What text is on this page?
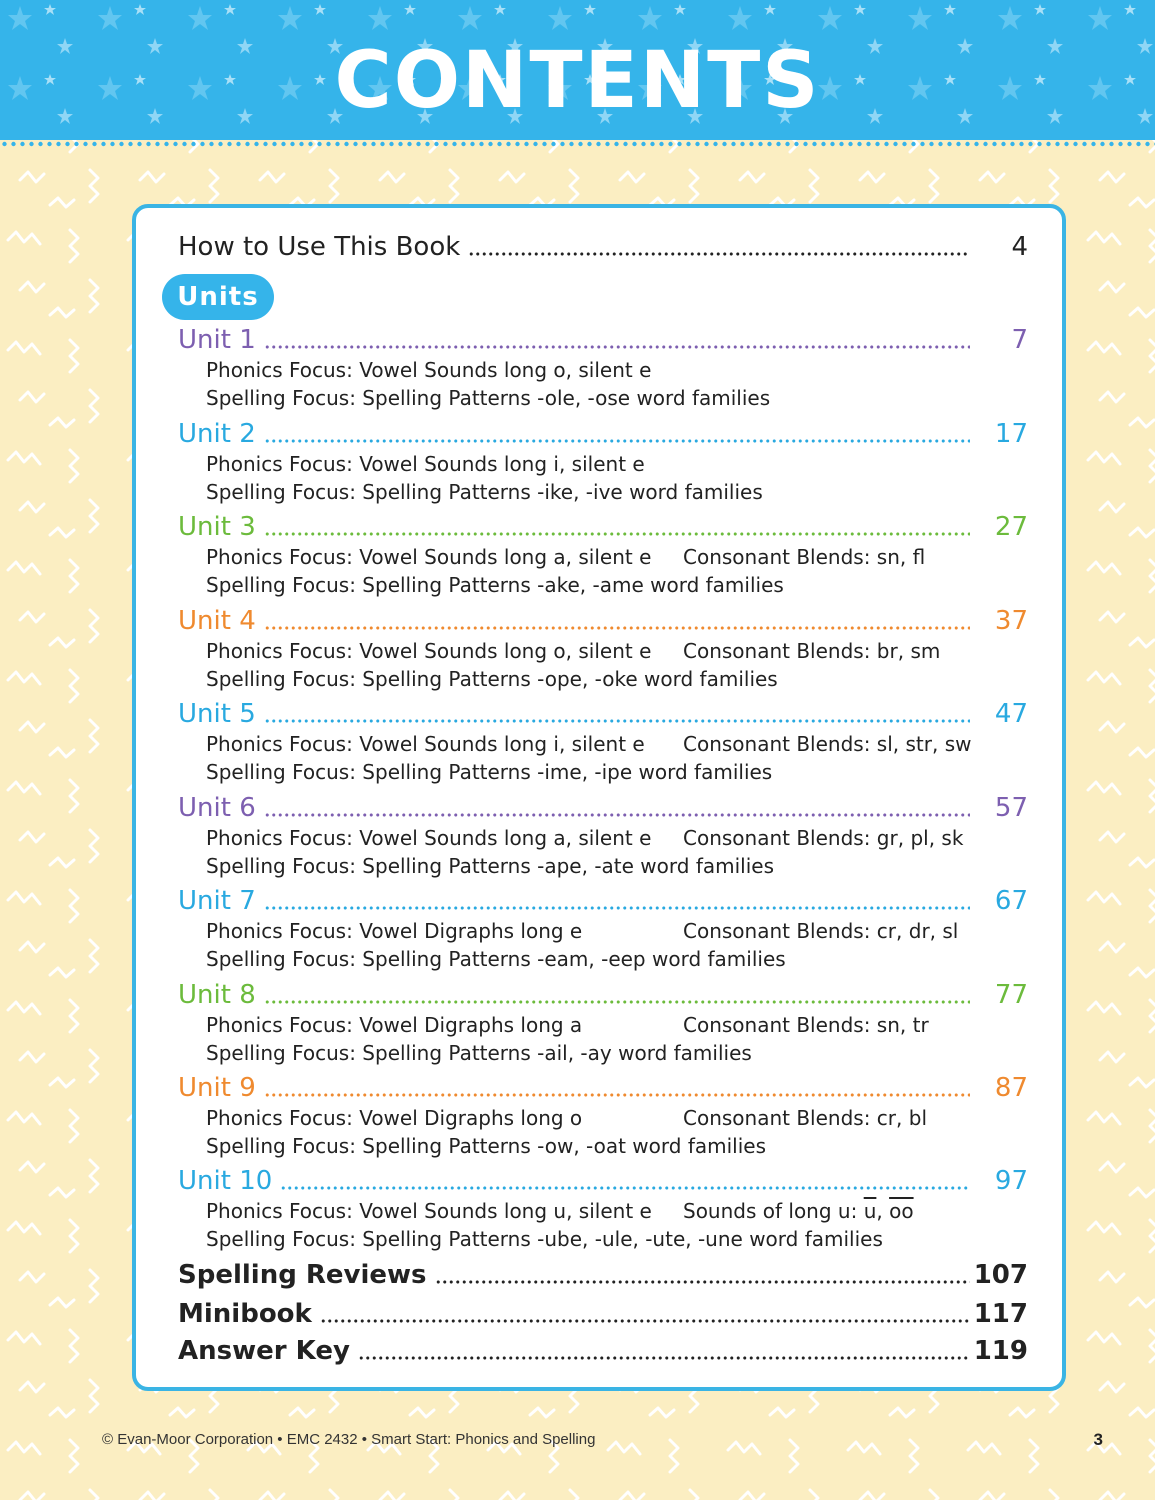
CONTENTS
How to Use This Book	4
Units
Unit 1	7
Phonics Focus: Vowel Sounds long o, silent e
Spelling Focus: Spelling Patterns -ole, -ose word families
Unit 2	17
Phonics Focus: Vowel Sounds long i, silent e
Spelling Focus: Spelling Patterns -ike, -ive word families
Unit 3	27
Phonics Focus: Vowel Sounds long a, silent e Consonant Blends: sn, fl
Spelling Focus: Spelling Patterns -ake, -ame word families
Unit 4	37
Phonics Focus: Vowel Sounds long o, silent e Consonant Blends: br, sm
Spelling Focus: Spelling Patterns -ope, -oke word families
Unit 5	47
Phonics Focus: Vowel Sounds long i, silent e Consonant Blends: sl, str, sw
Spelling Focus: Spelling Patterns -ime, -ipe word families
Unit 6	57
Phonics Focus: Vowel Sounds long a, silent e Consonant Blends: gr, pl, sk
Spelling Focus: Spelling Patterns -ape, -ate word families
Unit 7	67
Phonics Focus: Vowel Digraphs long e	Consonant Blends: cr, dr, sl
Spelling Focus: Spelling Patterns -eam, -eep word families
Unit 8	77
Phonics Focus: Vowel Digraphs long a	Consonant Blends: sn, tr
Spelling Focus: Spelling Patterns -ail, -ay word families
Unit 9	87
Phonics Focus: Vowel Digraphs long o	Consonant Blends: cr, bl
Spelling Focus: Spelling Patterns -ow, -oat word families
Unit 10	97
Phonics Focus: Vowel Sounds long u, silent e Sounds of long u: $\overline{u}$, $\overline{oo}$
Spelling Focus: Spelling Patterns -ube, -ule, -ute, -une word families
Spelling Reviews	107
Minibook	117
Answer Key	119
© Evan-Moor Corporation • EMC 2432 • Smart Start: Phonics and Spelling	3
